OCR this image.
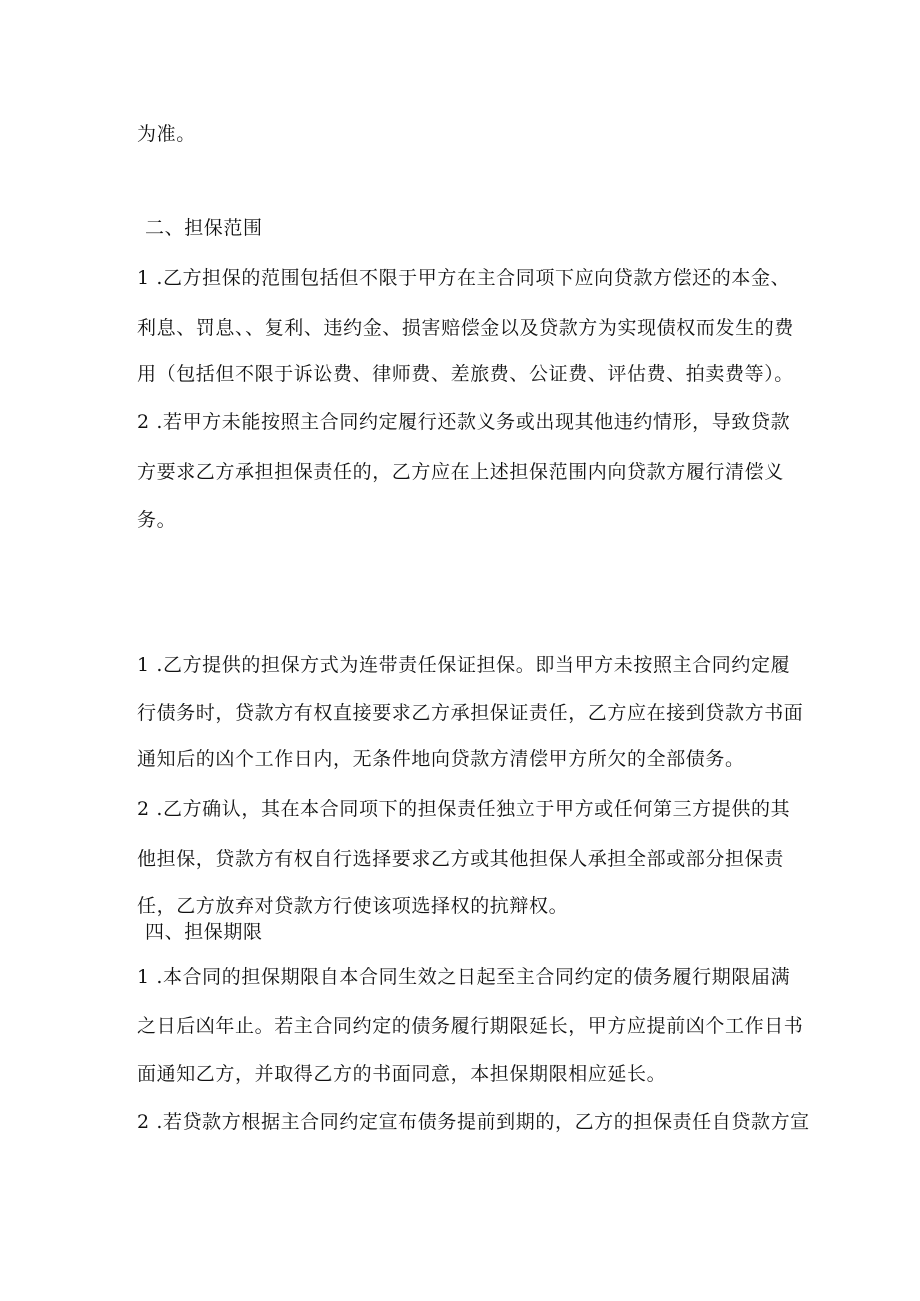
为准。
二、担保范围
1 .乙方担保的范围包括但不限于甲方在主合同项下应向贷款方偿还的本金、
利息、罚息、、复利、违约金、损害赔偿金以及贷款方为实现债权而发生的费
用（包括但不限于诉讼费、律师费、差旅费、公证费、评估费、拍卖费等）。
2 .若甲方未能按照主合同约定履行还款义务或出现其他违约情形，导致贷款
方要求乙方承担担保责任的，乙方应在上述担保范围内向贷款方履行清偿义
务。
1 .乙方提供的担保方式为连带责任保证担保。即当甲方未按照主合同约定履
行债务时，贷款方有权直接要求乙方承担保证责任，乙方应在接到贷款方书面
通知后的凶个工作日内，无条件地向贷款方清偿甲方所欠的全部债务。
2 .乙方确认，其在本合同项下的担保责任独立于甲方或任何第三方提供的其
他担保，贷款方有权自行选择要求乙方或其他担保人承担全部或部分担保责
任，乙方放弃对贷款方行使该项选择权的抗辩权。
四、担保期限
1 .本合同的担保期限自本合同生效之日起至主合同约定的债务履行期限届满
之日后凶年止。若主合同约定的债务履行期限延长，甲方应提前凶个工作日书
面通知乙方，并取得乙方的书面同意，本担保期限相应延长。
2 .若贷款方根据主合同约定宣布债务提前到期的，乙方的担保责任自贷款方宣
